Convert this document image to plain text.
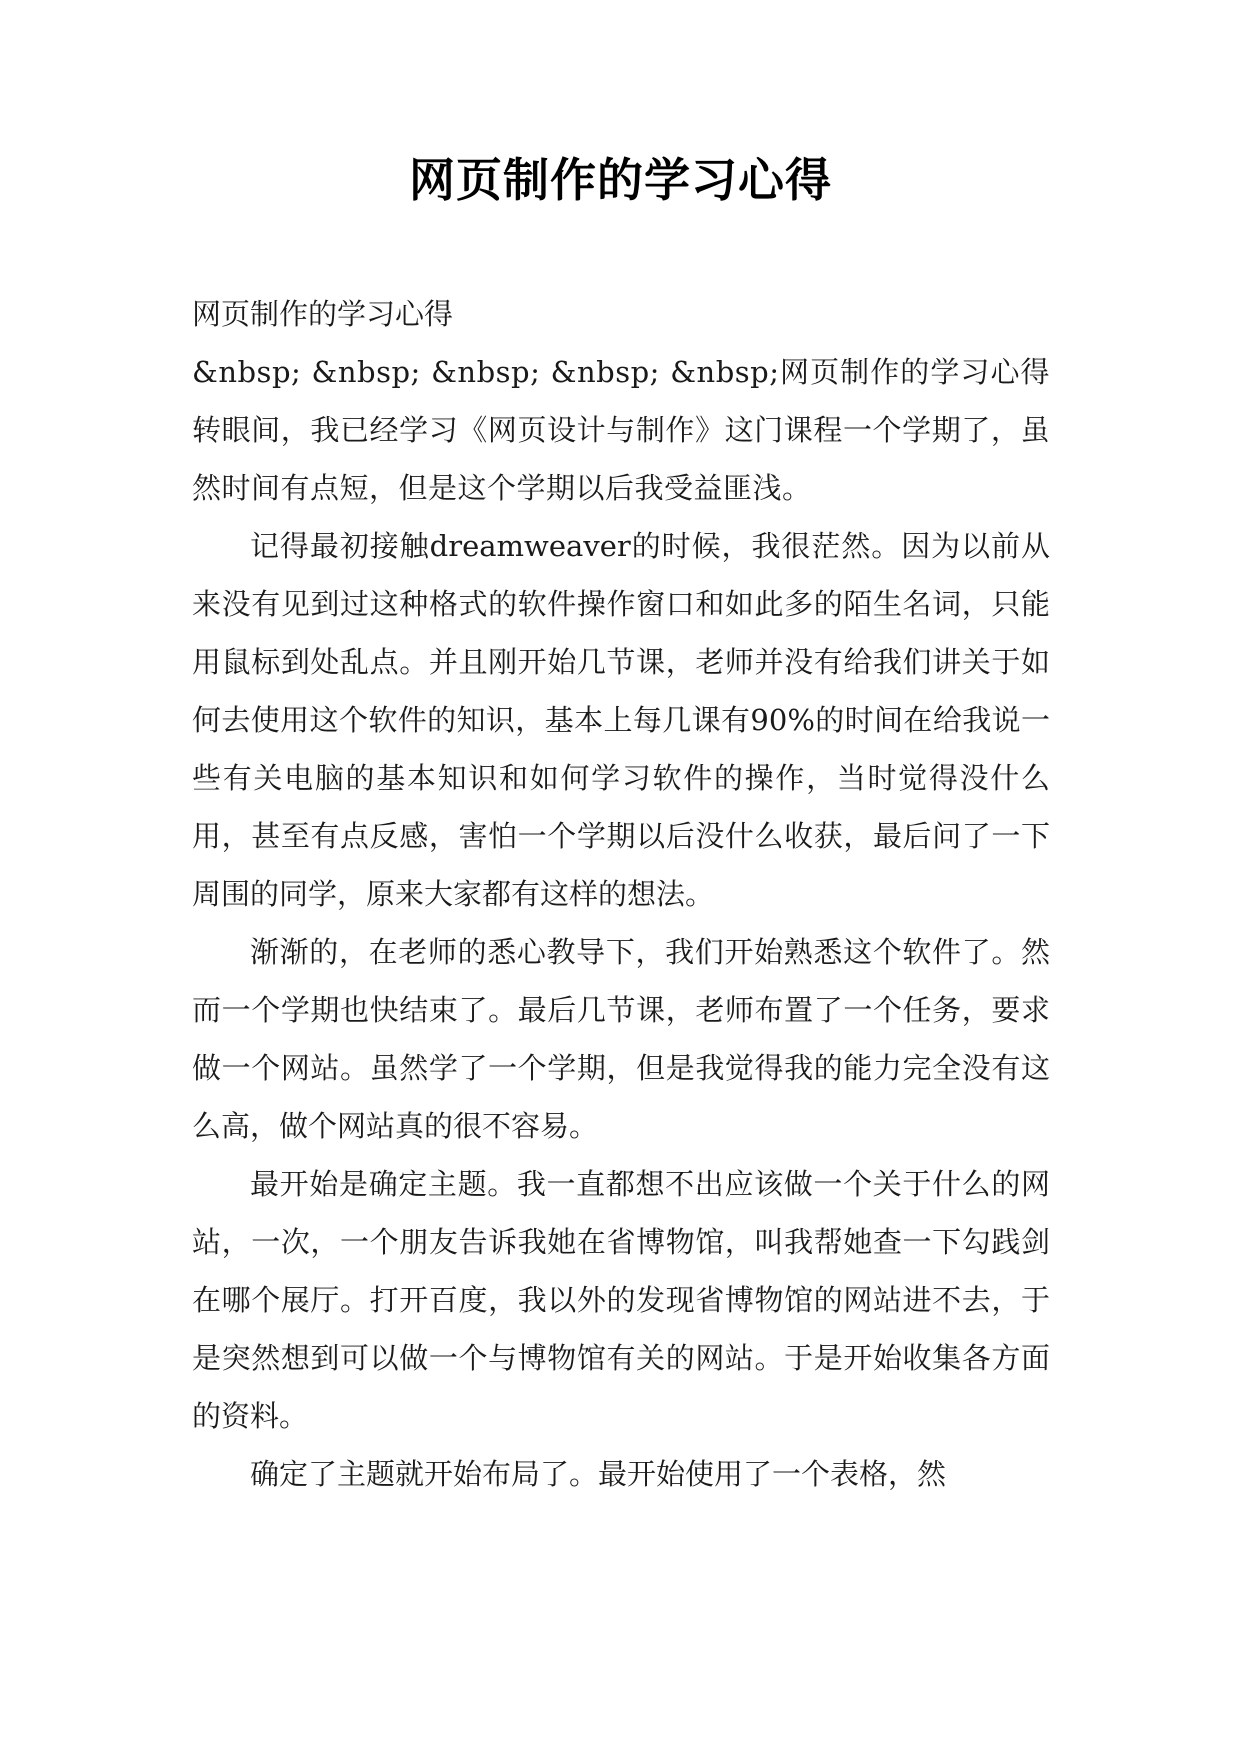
网页制作的学习心得

网页制作的学习心得

&nbsp; &nbsp; &nbsp; &nbsp; &nbsp;网页制作的学习心得　　转眼间，我已经学习《网页设计与制作》这门课程一个学期了，虽然时间有点短，但是这个学期以后我受益匪浅。

记得最初接触dreamweaver的时候，我很茫然。因为以前从来没有见到过这种格式的软件操作窗口和如此多的陌生名词，只能用鼠标到处乱点。并且刚开始几节课，老师并没有给我们讲关于如何去使用这个软件的知识，基本上每几课有90%的时间在给我说一些有关电脑的基本知识和如何学习软件的操作，当时觉得没什么用，甚至有点反感，害怕一个学期以后没什么收获，最后问了一下周围的同学，原来大家都有这样的想法。

渐渐的，在老师的悉心教导下，我们开始熟悉这个软件了。然而一个学期也快结束了。最后几节课，老师布置了一个任务，要求做一个网站。虽然学了一个学期，但是我觉得我的能力完全没有这么高，做个网站真的很不容易。

最开始是确定主题。我一直都想不出应该做一个关于什么的网站，一次，一个朋友告诉我她在省博物馆，叫我帮她查一下勾践剑在哪个展厅。打开百度，我以外的发现省博物馆的网站进不去，于是突然想到可以做一个与博物馆有关的网站。于是开始收集各方面的资料。

确定了主题就开始布局了。最开始使用了一个表格，然
